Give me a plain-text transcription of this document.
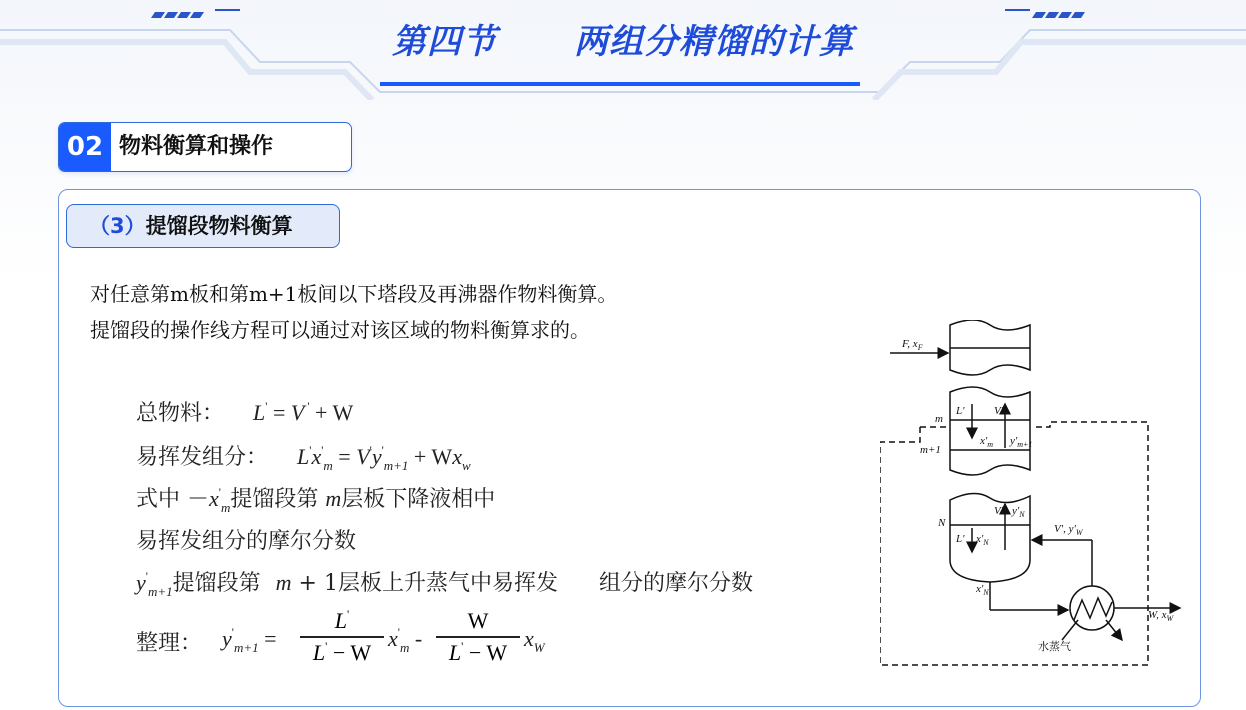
第四节      两组分精馏的计算
02 物料衡算和操作
（3）提馏段物料衡算
对任意第m板和第m+1板间以下塔段及再沸器作物料衡算。
提馏段的操作线方程可以通过对该区域的物料衡算求的。
总物料： L' = V ' + W
易挥发组分： $L'x'_m = V'y'_{m+1} + Wx_w$
式中 $-x'_m$提馏段第 m层板下降液相中
易挥发组分的摩尔分数
$y'_{m+1}$提馏段第 m + 1层板上升蒸气中易挥发 组分的摩尔分数
整理： $y'_{m+1}$ =
L'
L' − W
$x'_m$ -
W
L' − W
$x_W$
F, $x_F$
m
m+1
N
L'	V'
$x'_m$ $y'_{m+1}$
V' $y'_N$
L' $x'_N$
$x'_N$
V', $y'_W$
W, $x_W$
水蒸气
